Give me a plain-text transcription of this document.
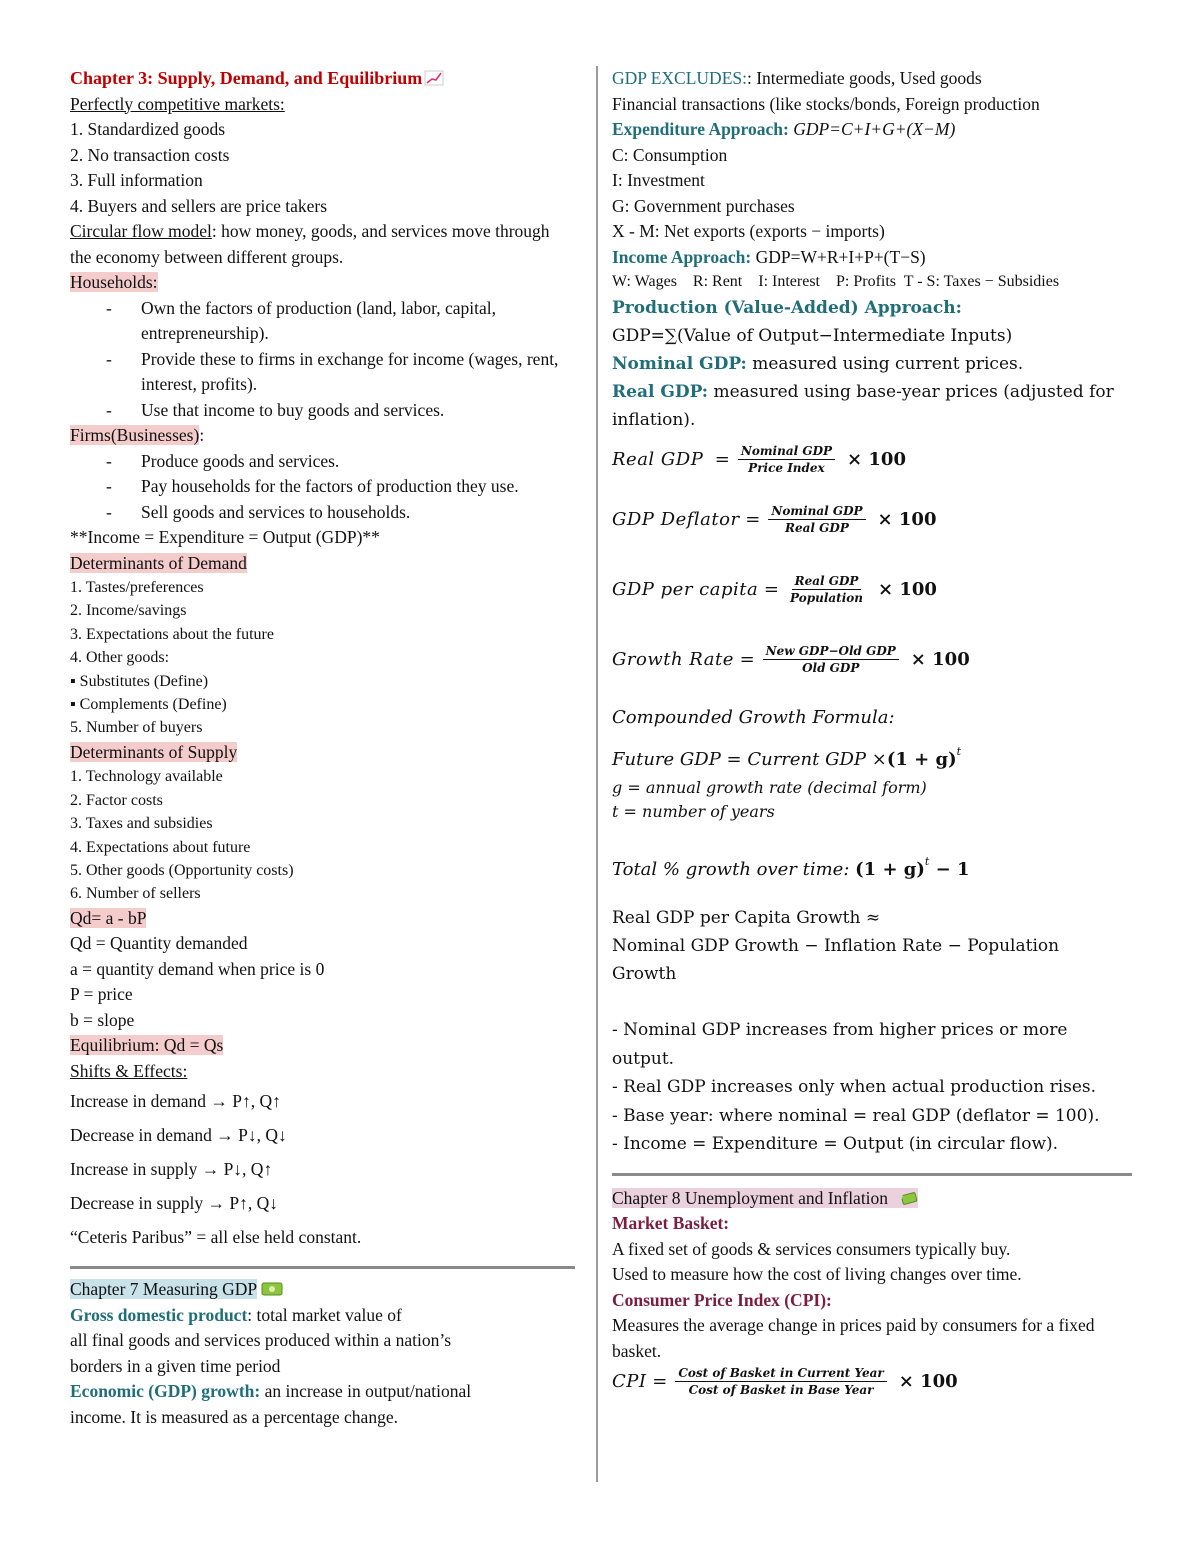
Chapter 3: Supply, Demand, and Equilibrium
Perfectly competitive markets:
1. Standardized goods
2. No transaction costs
3. Full information
4. Buyers and sellers are price takers
Circular flow model: how money, goods, and services move through the economy between different groups.
Households:
- Own the factors of production (land, labor, capital, entrepreneurship).
- Provide these to firms in exchange for income (wages, rent, interest, profits).
- Use that income to buy goods and services.
Firms(Businesses):
- Produce goods and services.
- Pay households for the factors of production they use.
- Sell goods and services to households.
**Income = Expenditure = Output (GDP)**
Determinants of Demand
1. Tastes/preferences
2. Income/savings
3. Expectations about the future
4. Other goods:
▪ Substitutes (Define)
▪ Complements (Define)
5. Number of buyers
Determinants of Supply
1. Technology available
2. Factor costs
3. Taxes and subsidies
4. Expectations about future
5. Other goods (Opportunity costs)
6. Number of sellers
Qd= a - bP
Qd = Quantity demanded
a = quantity demand when price is 0
P = price
b = slope
Equilibrium: Qd = Qs
Shifts & Effects:
Increase in demand → P↑, Q↑
Decrease in demand → P↓, Q↓
Increase in supply → P↓, Q↑
Decrease in supply → P↑, Q↓
“Ceteris Paribus” = all else held constant.
Chapter 7 Measuring GDP
Gross domestic product: total market value of
all final goods and services produced within a nation’s
borders in a given time period
Economic (GDP) growth: an increase in output/national
income. It is measured as a percentage change.
GDP EXCLUDES:: Intermediate goods, Used goods
Financial transactions (like stocks/bonds, Foreign production
Expenditure Approach: GDP=C+I+G+(X−M)
C: Consumption
I: Investment
G: Government purchases
X - M: Net exports (exports − imports)
Income Approach: GDP=W+R+I+P+(T−S)
W: Wages    R: Rent    I: Interest    P: Profits  T - S: Taxes − Subsidies
Production (Value-Added) Approach:
GDP=∑(Value of Output−Intermediate Inputs)
Nominal GDP: measured using current prices.
Real GDP: measured using base-year prices (adjusted for inflation).
Real GDP = $\frac{\text{Nominal GDP}}{\text{Price Index}} \times 100$
GDP Deflator = $\frac{\text{Nominal GDP}}{\text{Real GDP}} \times 100$
GDP per capita = $\frac{\text{Real GDP}}{\text{Population}} \times 100$
Growth Rate = $\frac{\text{New GDP−Old GDP}}{\text{Old GDP}} \times 100$
Compounded Growth Formula:
Future GDP = Current GDP $\times(1 + g)^t$
g = annual growth rate (decimal form)
t = number of years
Total % growth over time: $(1 + g)^t - 1$
Real GDP per Capita Growth ≈
Nominal GDP Growth − Inflation Rate − Population
Growth
- Nominal GDP increases from higher prices or more output.
- Real GDP increases only when actual production rises.
- Base year: where nominal = real GDP (deflator = 100).
- Income = Expenditure = Output (in circular flow).
Chapter 8 Unemployment and Inflation
Market Basket:
A fixed set of goods & services consumers typically buy.
Used to measure how the cost of living changes over time.
Consumer Price Index (CPI):
Measures the average change in prices paid by consumers for a fixed basket.
CPI = $\frac{\text{Cost of Basket in Current Year}}{\text{Cost of Basket in Base Year}} \times 100$
